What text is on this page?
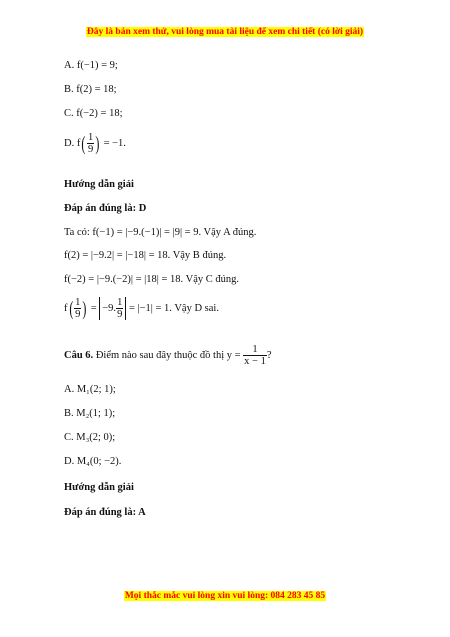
Đây là bản xem thử, vui lòng mua tài liệu để xem chi tiết (có lời giải)
A. f(−1) = 9;
B. f(2) = 18;
C. f(−2) = 18;
D. $f( \frac{1}{9}$ ) = −1.
Hướng dẫn giải
Đáp án đúng là: D
Ta có: f(−1) = |−9.(−1)| = |9| = 9. Vậy A đúng.
f(2) = |−9.2| = |−18| = 18. Vậy B đúng.
f(−2) = |−9.(−2)| = |18| = 18. Vậy C đúng.
$f( \frac{1}{9}$ ) = −9. $\frac{1}{9} = |-1| = 1$. Vậy D sai.
Câu 6. Điểm nào sau đây thuộc đồ thị $y = \frac{1}{x - 1}$ ?
A. M₁(2; 1);
B. M₂(1; 1);
C. M₃(2; 0);
D. M₄(0; −2).
Hướng dẫn giải
Đáp án đúng là: A
Mọi thắc mắc vui lòng xin vui lòng: 084 283 45 85
